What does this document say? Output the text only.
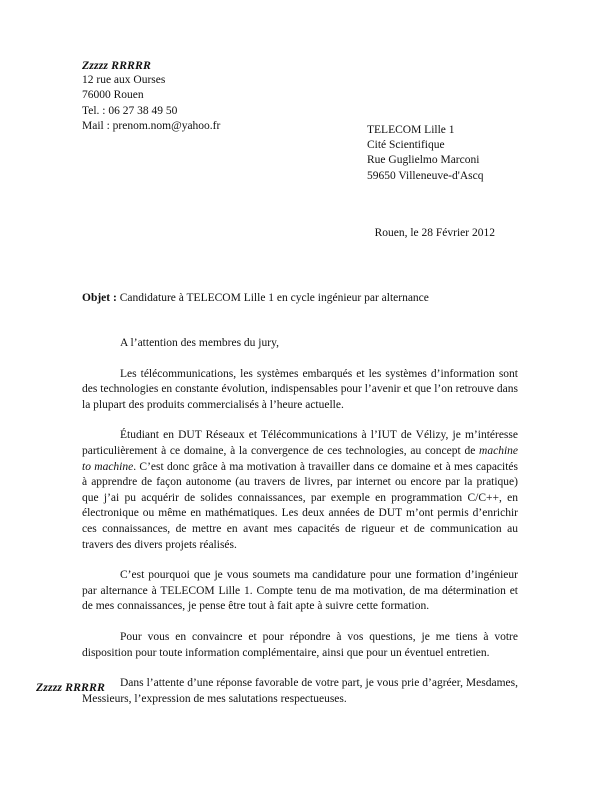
Zzzzz RRRRR
12 rue aux Ourses
76000 Rouen
Tel. : 06 27 38 49 50
Mail : prenom.nom@yahoo.fr	TELECOM Lille 1
Cité Scientifique
Rue Guglielmo Marconi
59650 Villeneuve-d'Ascq
Rouen, le 28 Février 2012
Objet : Candidature à TELECOM Lille 1 en cycle ingénieur par alternance

A l’attention des membres du jury,

Les télécommunications, les systèmes embarqués et les systèmes d’information sont des technologies en constante évolution, indispensables pour l’avenir et que l’on retrouve dans la plupart des produits commercialisés à l’heure actuelle.

Étudiant en DUT Réseaux et Télécommunications à l’IUT de Vélizy, je m’intéresse particulièrement à ce domaine, à la convergence de ces technologies, au concept de machine to machine. C’est donc grâce à ma motivation à travailler dans ce domaine et à mes capacités à apprendre de façon autonome (au travers de livres, par internet ou encore par la pratique) que j’ai pu acquérir de solides connaissances, par exemple en programmation C/C++, en électronique ou même en mathématiques. Les deux années de DUT m’ont permis d’enrichir ces connaissances, de mettre en avant mes capacités de rigueur et de communication au travers des divers projets réalisés.

C’est pourquoi que je vous soumets ma candidature pour une formation d’ingénieur par alternance à TELECOM Lille 1. Compte tenu de ma motivation, de ma détermination et de mes connaissances, je pense être tout à fait apte à suivre cette formation.

Pour vous en convaincre et pour répondre à vos questions, je me tiens à votre disposition pour toute information complémentaire, ainsi que pour un éventuel entretien.

Dans l’attente d’une réponse favorable de votre part, je vous prie d’agréer, Mesdames, Messieurs, l’expression de mes salutations respectueuses.

Zzzzz RRRRR
